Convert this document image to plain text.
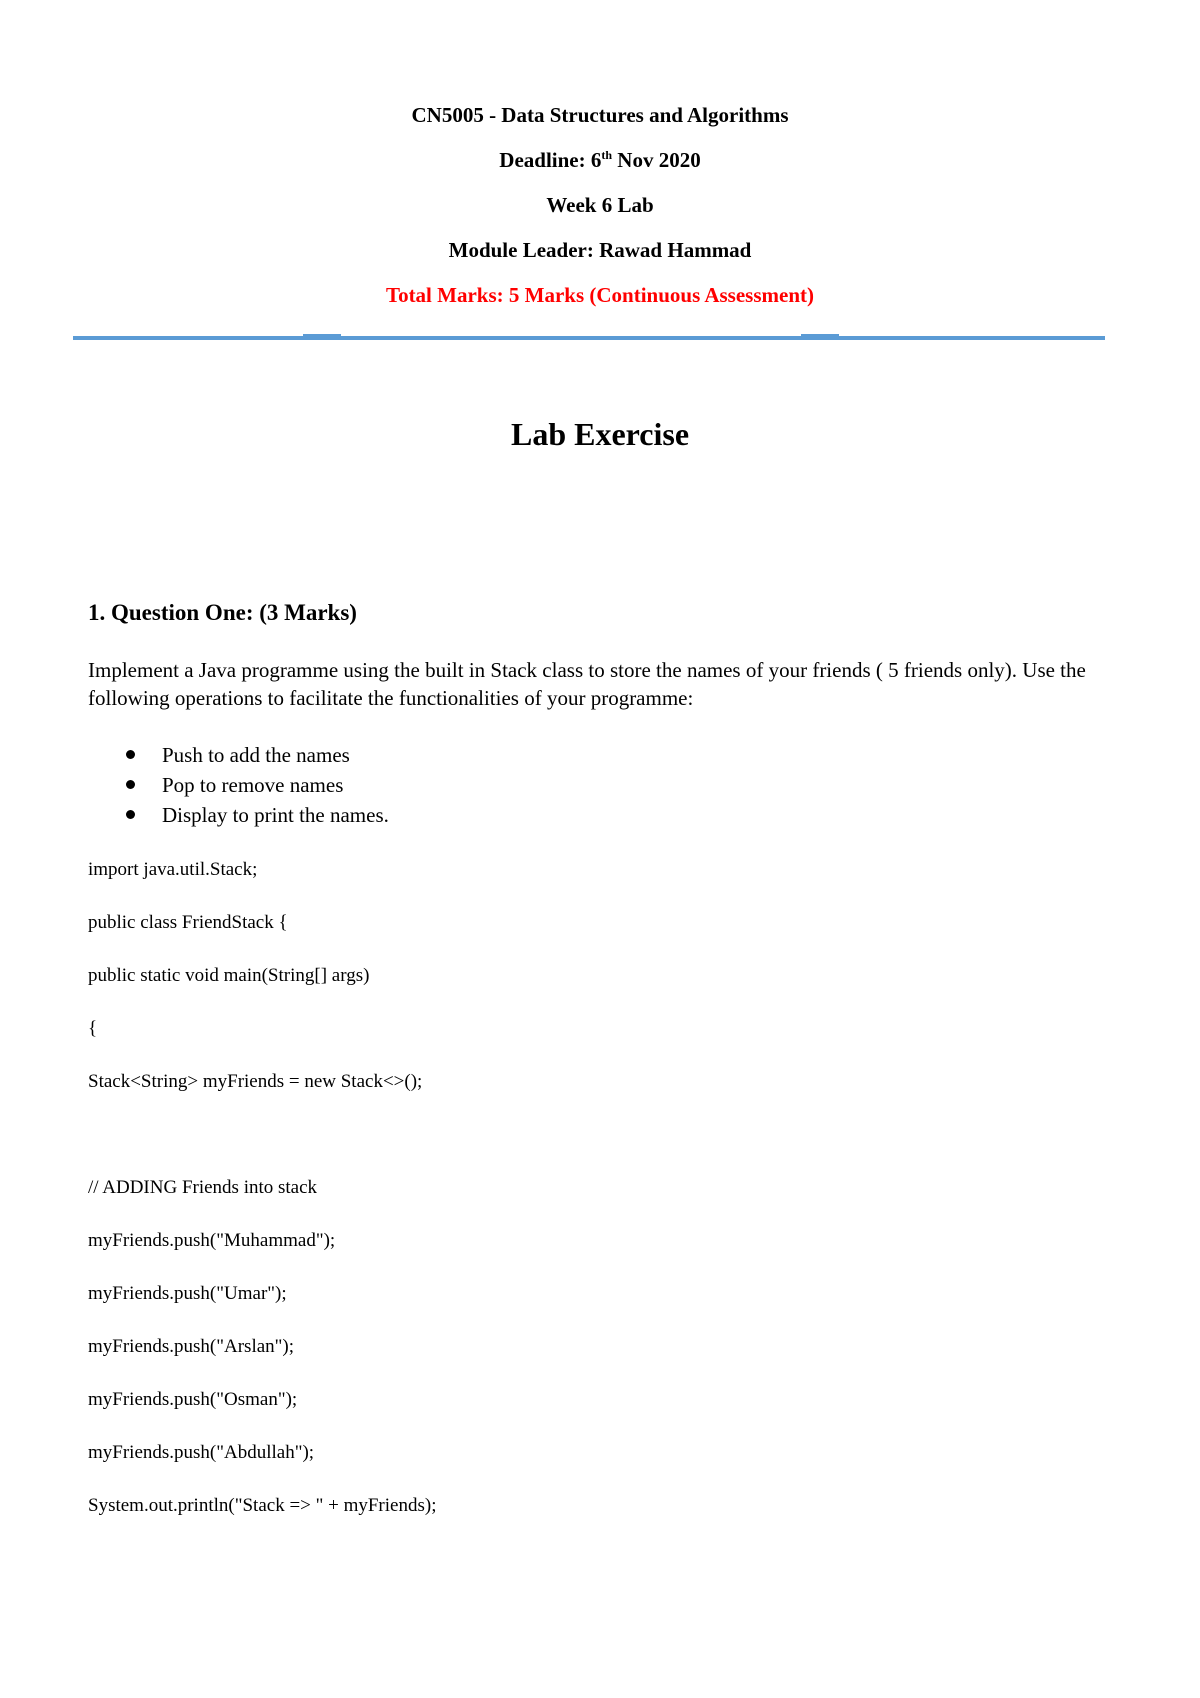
CN5005 - Data Structures and Algorithms
Deadline: 6th Nov 2020
Week 6 Lab
Module Leader: Rawad Hammad
Total Marks: 5 Marks (Continuous Assessment)
Lab Exercise
1. Question One: (3 Marks)

Implement a Java programme using the built in Stack class to store the names of your friends ( 5 friends only). Use the following operations to facilitate the functionalities of your programme:

Push to add the names
Pop to remove names
Display to print the names.
import java.util.Stack;
public class FriendStack {
public static void main(String[] args)
{
Stack<String> myFriends = new Stack<>();
// ADDING Friends into stack
myFriends.push("Muhammad");
myFriends.push("Umar");
myFriends.push("Arslan");
myFriends.push("Osman");
myFriends.push("Abdullah");
System.out.println("Stack => " + myFriends);
